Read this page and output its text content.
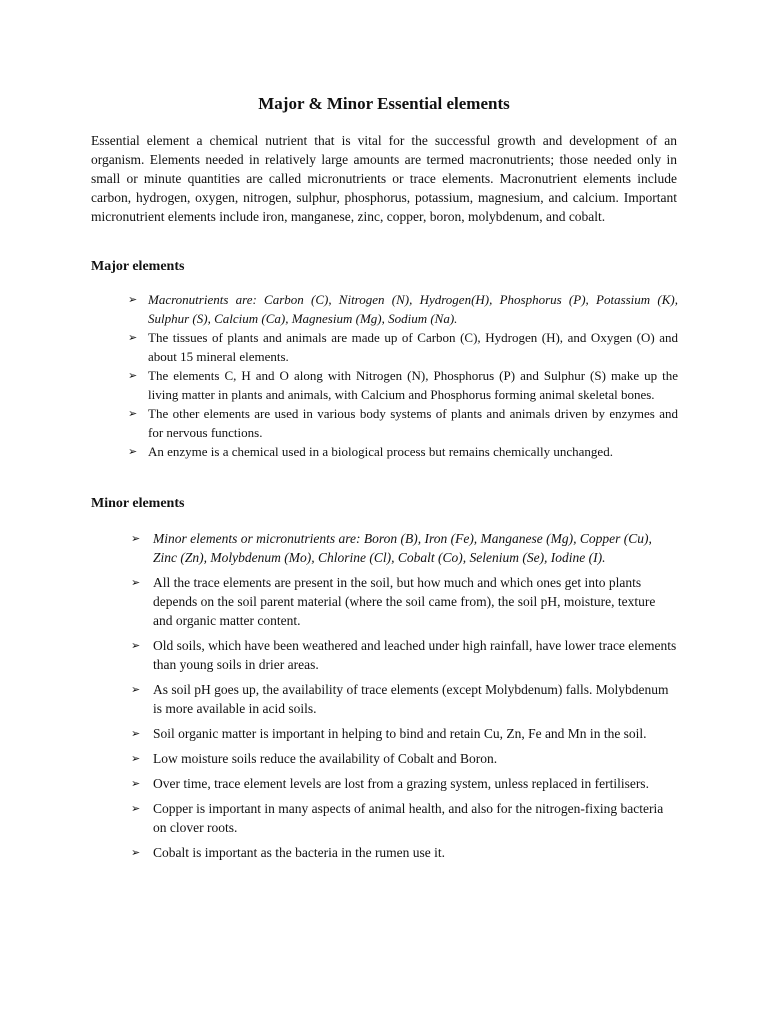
Major & Minor Essential elements

Essential element a chemical nutrient that is vital for the successful growth and development of an organism. Elements needed in relatively large amounts are termed macronutrients; those needed only in small or minute quantities are called micronutrients or trace elements. Macronutrient elements include carbon, hydrogen, oxygen, nitrogen, sulphur, phosphorus, potassium, magnesium, and calcium. Important micronutrient elements include iron, manganese, zinc, copper, boron, molybdenum, and cobalt.

Major elements
➢ Macronutrients are: Carbon (C), Nitrogen (N), Hydrogen(H), Phosphorus (P), Potassium (K), Sulphur (S), Calcium (Ca), Magnesium (Mg), Sodium (Na).
➢ The tissues of plants and animals are made up of Carbon (C), Hydrogen (H), and Oxygen (O) and about 15 mineral elements.
➢ The elements C, H and O along with Nitrogen (N), Phosphorus (P) and Sulphur (S) make up the living matter in plants and animals, with Calcium and Phosphorus forming animal skeletal bones.
➢ The other elements are used in various body systems of plants and animals driven by enzymes and for nervous functions.
➢ An enzyme is a chemical used in a biological process but remains chemically unchanged.
Minor elements
➢ Minor elements or micronutrients are: Boron (B), Iron (Fe), Manganese (Mg), Copper (Cu), Zinc (Zn), Molybdenum (Mo), Chlorine (Cl), Cobalt (Co), Selenium (Se), Iodine (I).
➢ All the trace elements are present in the soil, but how much and which ones get into plants depends on the soil parent material (where the soil came from), the soil pH, moisture, texture and organic matter content.
➢ Old soils, which have been weathered and leached under high rainfall, have lower trace elements than young soils in drier areas.
➢ As soil pH goes up, the availability of trace elements (except Molybdenum) falls. Molybdenum is more available in acid soils.
➢ Soil organic matter is important in helping to bind and retain Cu, Zn, Fe and Mn in the soil.
➢ Low moisture soils reduce the availability of Cobalt and Boron.
➢ Over time, trace element levels are lost from a grazing system, unless replaced in fertilisers.
➢ Copper is important in many aspects of animal health, and also for the nitrogen-fixing bacteria on clover roots.
➢ Cobalt is important as the bacteria in the rumen use it.
